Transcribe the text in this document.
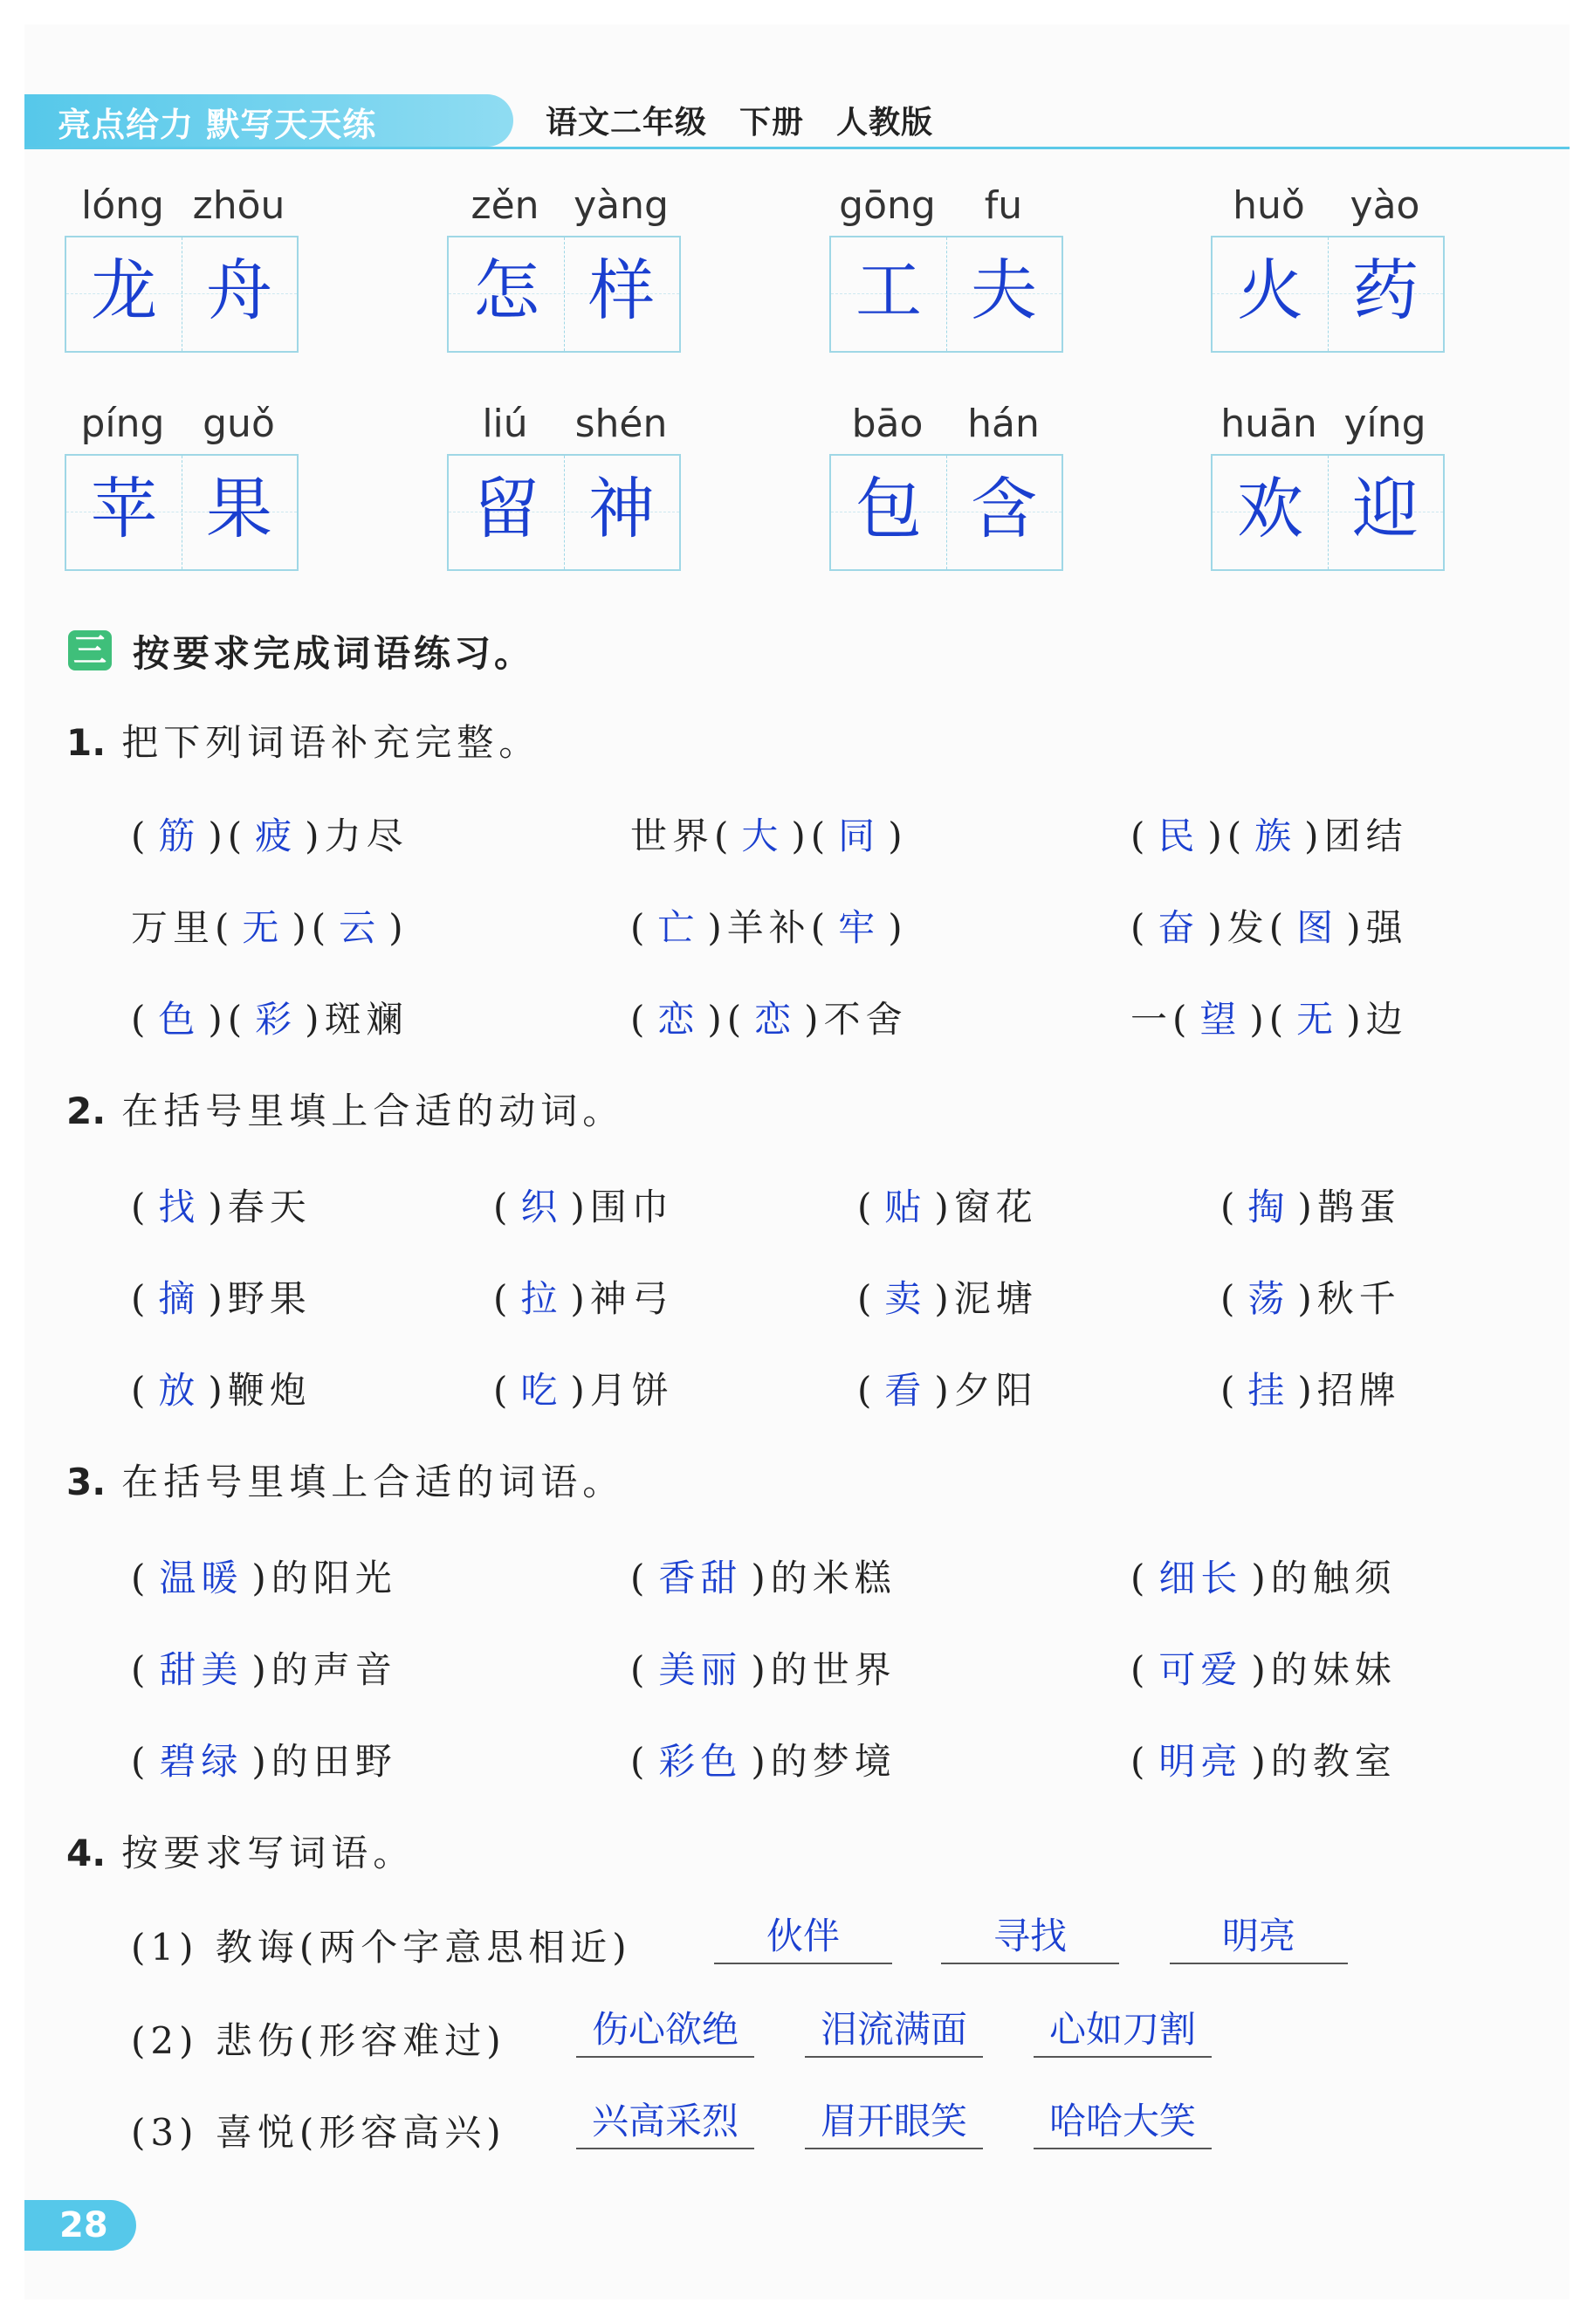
亮点给力 默写天天练	语文二年级　下册　人教版
lóng zhōu
龙 舟
zěn yàng
怎 样
gōng	fu
工 夫
huǒ	yào
火 药
píng guǒ
苹 果
liú	shén
留 神
bāo	hán
包 含
huān yíng
欢 迎
三 按要求完成词语练习。
1. 把下列词语补充完整。
( 筋 )( 疲 )力尽	世界( 大 )( 同 )	( 民 )( 族 )团结
万里( 无 )( 云 )	( 亡 )羊补( 牢 )	( 奋 )发( 图 )强
( 色 )( 彩 )斑斓	( 恋 )( 恋 )不舍	一( 望 )( 无 )边
2. 在括号里填上合适的动词。
( 找 )春天	( 织 )围巾	( 贴 )窗花	( 掏 )鹊蛋
( 摘 )野果	( 拉 )神弓	( 卖 )泥塘	( 荡 )秋千
( 放 )鞭炮	( 吃 )月饼	( 看 )夕阳	( 挂 )招牌
3. 在括号里填上合适的词语。
( 温暖 )的阳光	( 香甜 )的米糕	( 细长 )的触须
( 甜美 )的声音	( 美丽 )的世界	( 可爱 )的妹妹
( 碧绿 )的田野	( 彩色 )的梦境	( 明亮 )的教室
4. 按要求写词语。
(1) 教诲(两个字意思相近)	伙伴	寻找	明亮
(2) 悲伤(形容难过)	伤心欲绝	泪流满面	心如刀割
(3) 喜悦(形容高兴)	兴高采烈	眉开眼笑	哈哈大笑
28
